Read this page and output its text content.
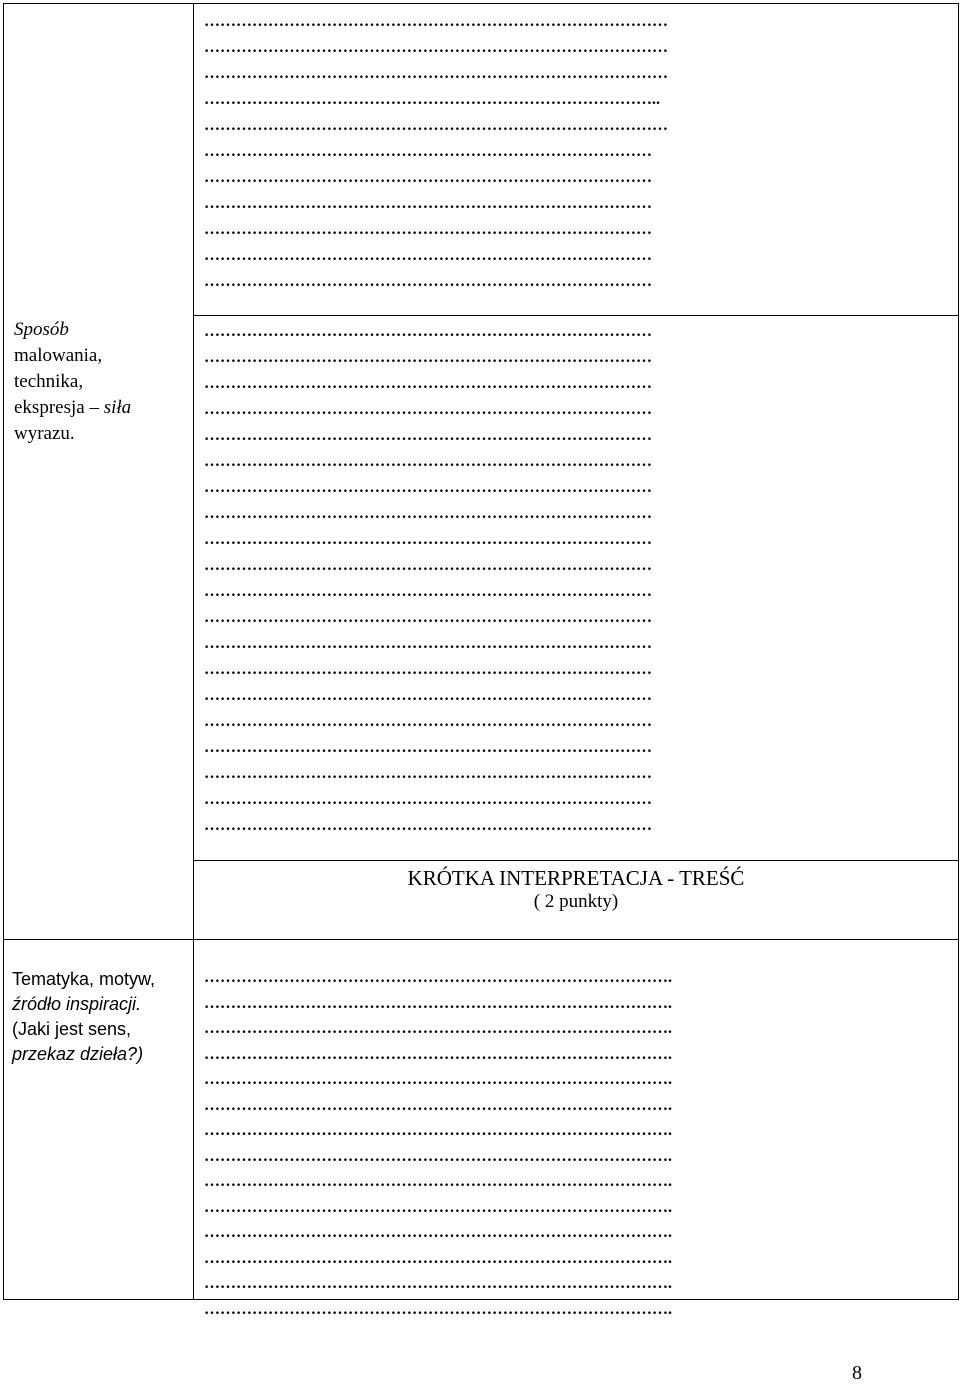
Sposób
malowania,
technika,
ekspresja – siła
wyrazu.
……………………………………………………………………………
……………………………………………………………………………
……………………………………………………………………………
…………………………………………………………………………..
……………………………………………………………………………
…………………………………………………………………………
…………………………………………………………………………
…………………………………………………………………………
…………………………………………………………………………
…………………………………………………………………………
…………………………………………………………………………
…………………………………………………………………………
…………………………………………………………………………
…………………………………………………………………………
…………………………………………………………………………
…………………………………………………………………………
…………………………………………………………………………
…………………………………………………………………………
…………………………………………………………………………
…………………………………………………………………………
…………………………………………………………………………
…………………………………………………………………………
…………………………………………………………………………
…………………………………………………………………………
…………………………………………………………………………
…………………………………………………………………………
…………………………………………………………………………
…………………………………………………………………………
…………………………………………………………………………
…………………………………………………………………………
…………………………………………………………………………
KRÓTKA INTERPRETACJA - TREŚĆ
( 2 punkty)
Tematyka, motyw,
źródło inspiracji.
(Jaki jest sens,
przekaz dzieła?)
…………………………………………………………………………….
…………………………………………………………………………….
…………………………………………………………………………….
…………………………………………………………………………….
…………………………………………………………………………….
…………………………………………………………………………….
…………………………………………………………………………….
…………………………………………………………………………….
…………………………………………………………………………….
…………………………………………………………………………….
…………………………………………………………………………….
…………………………………………………………………………….
…………………………………………………………………………….
…………………………………………………………………………….
8
